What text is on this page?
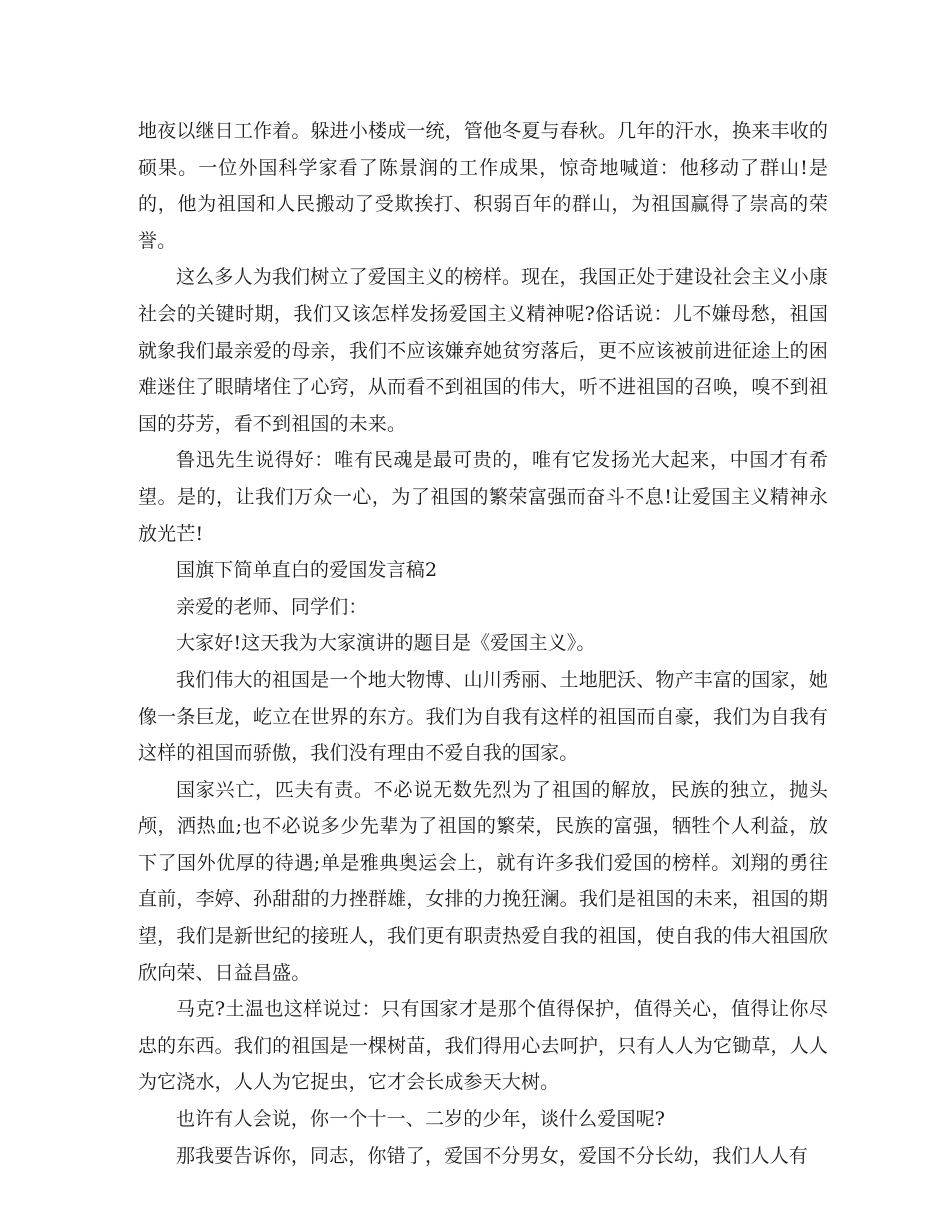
地夜以继日工作着。躲进小楼成一统，管他冬夏与春秋。几年的汗水，换来丰收的硕果。一位外国科学家看了陈景润的工作成果，惊奇地喊道：他移动了群山!是的，他为祖国和人民搬动了受欺挨打、积弱百年的群山，为祖国赢得了崇高的荣誉。

这么多人为我们树立了爱国主义的榜样。现在，我国正处于建设社会主义小康社会的关键时期，我们又该怎样发扬爱国主义精神呢?俗话说：儿不嫌母愁，祖国就象我们最亲爱的母亲，我们不应该嫌弃她贫穷落后，更不应该被前进征途上的困难迷住了眼睛堵住了心窍，从而看不到祖国的伟大，听不进祖国的召唤，嗅不到祖国的芬芳，看不到祖国的未来。

鲁迅先生说得好：唯有民魂是最可贵的，唯有它发扬光大起来，中国才有希望。是的，让我们万众一心，为了祖国的繁荣富强而奋斗不息!让爱国主义精神永放光芒!

国旗下简单直白的爱国发言稿2

亲爱的老师、同学们：

大家好!这天我为大家演讲的题目是《爱国主义》。

我们伟大的祖国是一个地大物博、山川秀丽、土地肥沃、物产丰富的国家，她像一条巨龙，屹立在世界的东方。我们为自我有这样的祖国而自豪，我们为自我有这样的祖国而骄傲，我们没有理由不爱自我的国家。

国家兴亡，匹夫有责。不必说无数先烈为了祖国的解放，民族的独立，抛头颅，洒热血;也不必说多少先辈为了祖国的繁荣，民族的富强，牺牲个人利益，放下了国外优厚的待遇;单是雅典奥运会上，就有许多我们爱国的榜样。刘翔的勇往直前，李婷、孙甜甜的力挫群雄，女排的力挽狂澜。我们是祖国的未来，祖国的期望，我们是新世纪的接班人，我们更有职责热爱自我的祖国，使自我的伟大祖国欣欣向荣、日益昌盛。

马克?土温也这样说过：只有国家才是那个值得保护，值得关心，值得让你尽忠的东西。我们的祖国是一棵树苗，我们得用心去呵护，只有人人为它锄草，人人为它浇水，人人为它捉虫，它才会长成参天大树。

也许有人会说，你一个十一、二岁的少年，谈什么爱国呢?

那我要告诉你，同志，你错了，爱国不分男女，爱国不分长幼，我们人人有
